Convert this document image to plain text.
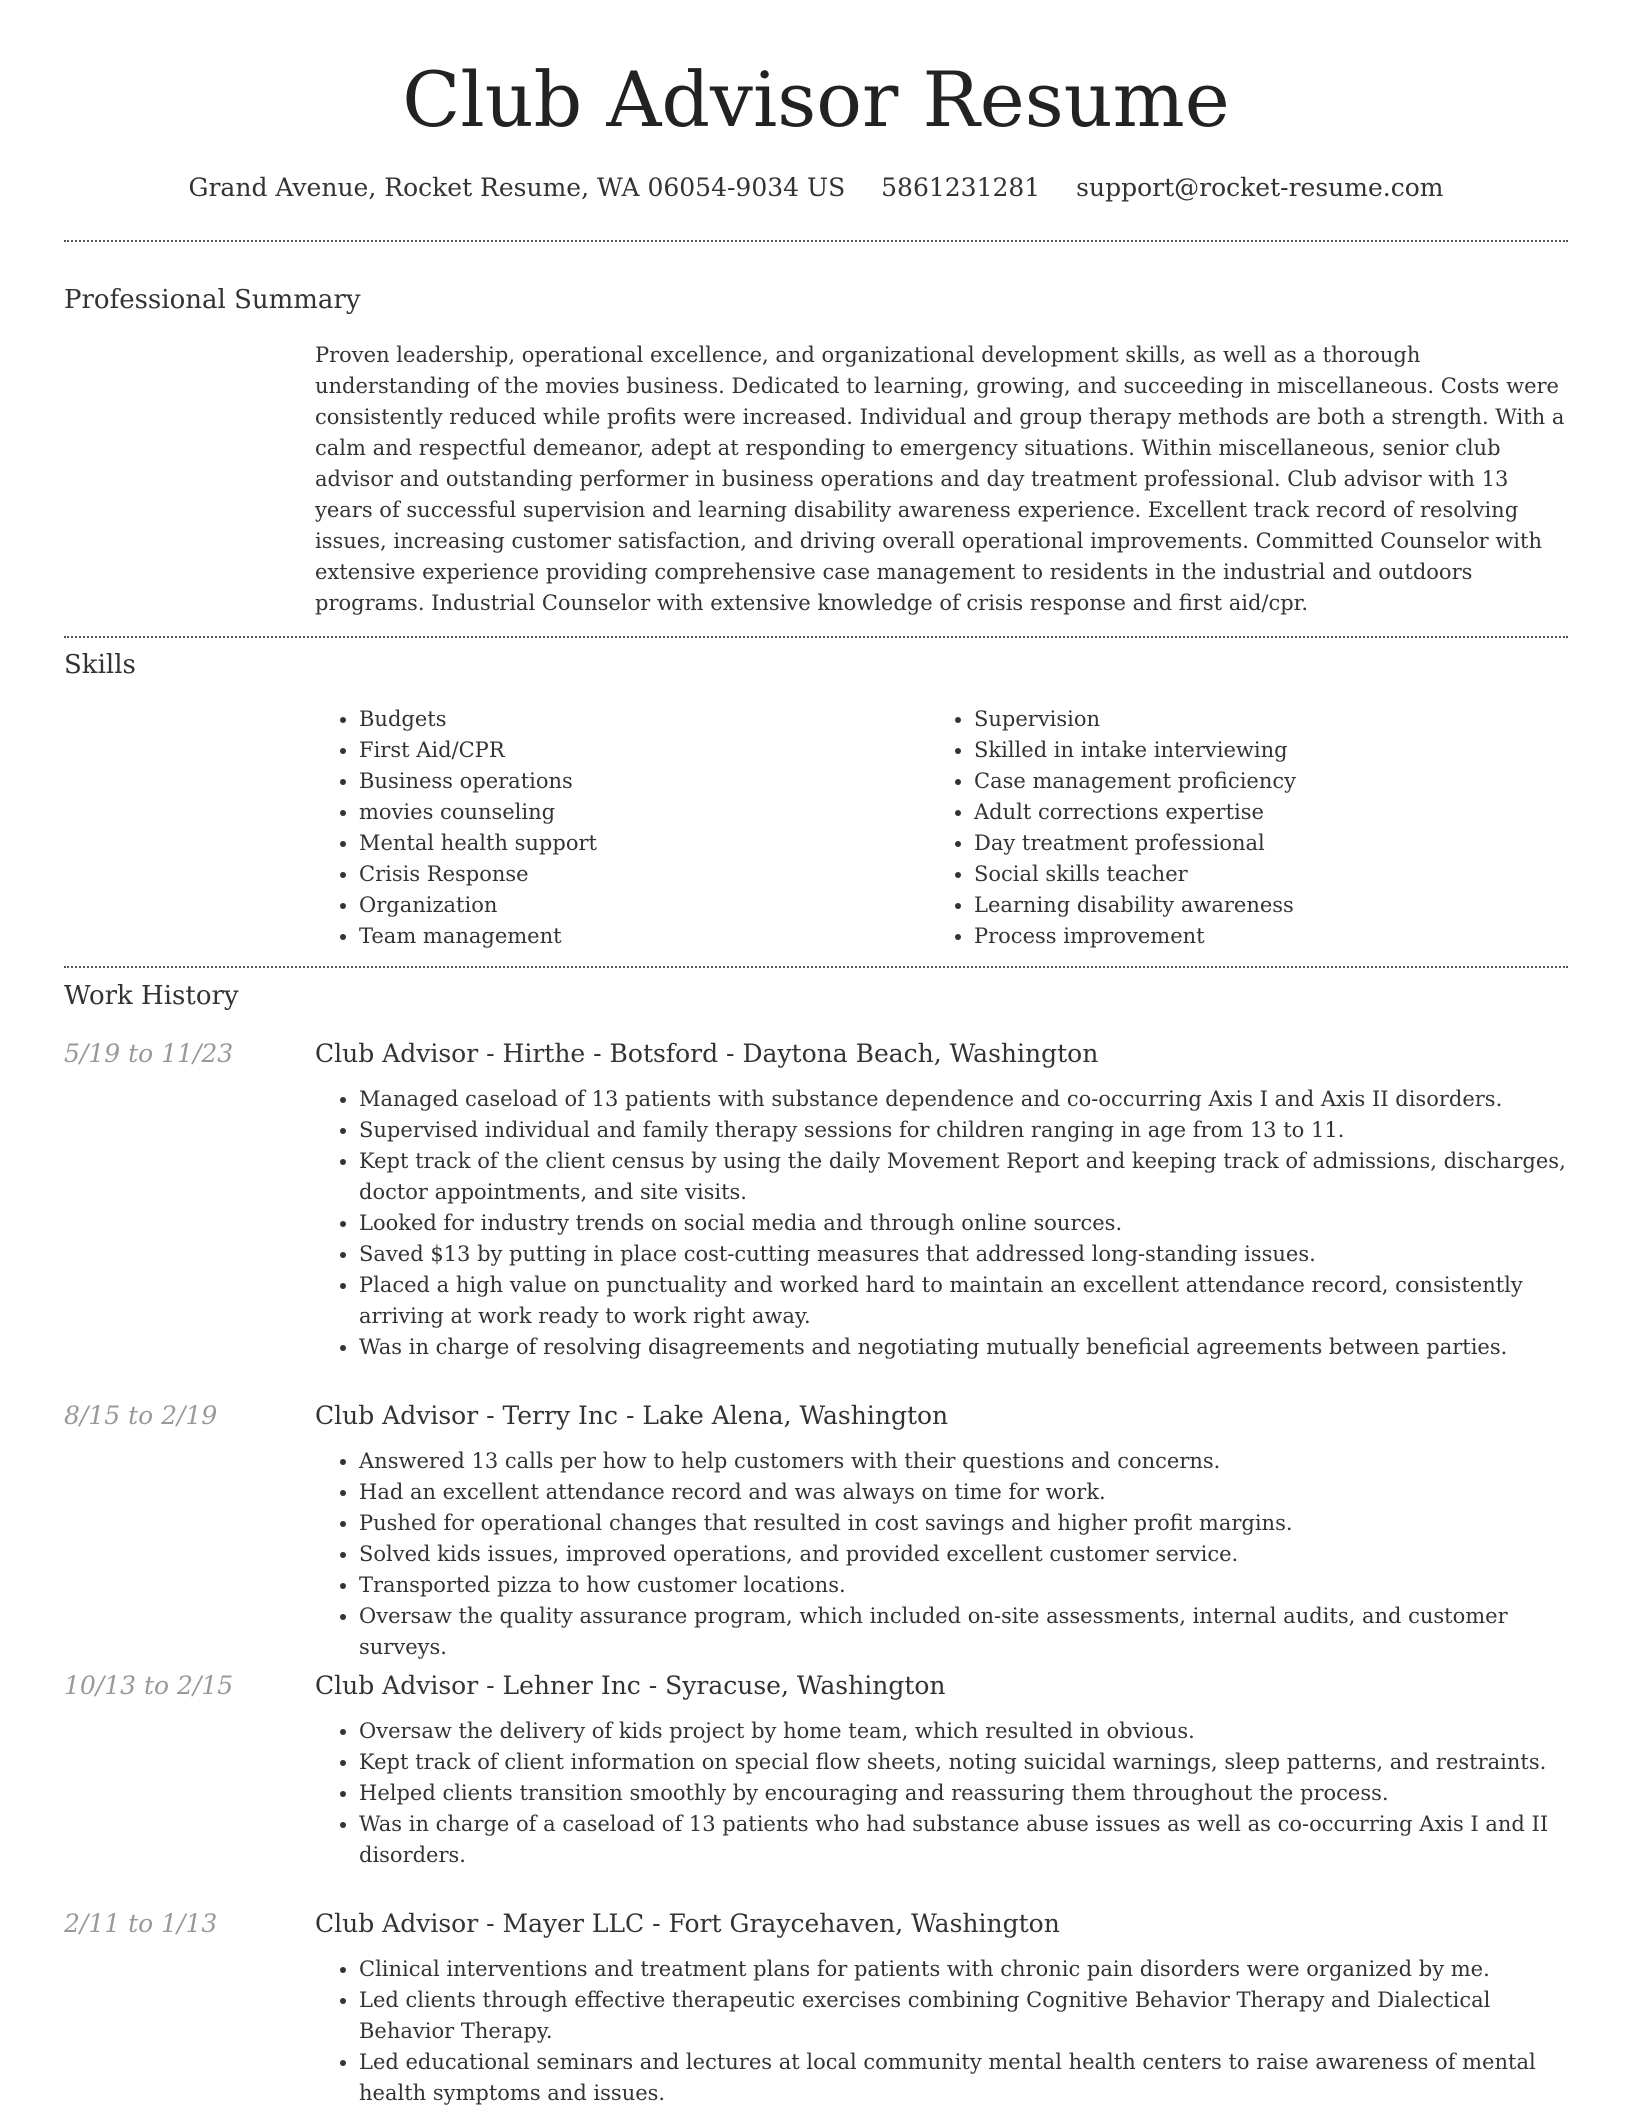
Club Advisor Resume
Grand Avenue, Rocket Resume, WA 06054-9034 US 5861231281 support@rocket-resume.com
Professional Summary

Proven leadership, operational excellence, and organizational development skills, as well as a thorough understanding of the movies business. Dedicated to learning, growing, and succeeding in miscellaneous. Costs were consistently reduced while profits were increased. Individual and group therapy methods are both a strength. With a calm and respectful demeanor, adept at responding to emergency situations. Within miscellaneous, senior club advisor and outstanding performer in business operations and day treatment professional. Club advisor with 13 years of successful supervision and learning disability awareness experience. Excellent track record of resolving issues, increasing customer satisfaction, and driving overall operational improvements. Committed Counselor with extensive experience providing comprehensive case management to residents in the industrial and outdoors programs. Industrial Counselor with extensive knowledge of crisis response and first aid/cpr.

Skills
• Budgets
• First Aid/CPR
• Business operations
• movies counseling
• Mental health support
• Crisis Response
• Organization
• Team management
• Supervision
• Skilled in intake interviewing
• Case management proficiency
• Adult corrections expertise
• Day treatment professional
• Social skills teacher
• Learning disability awareness
• Process improvement
Work History
5/19 to 11/23	Club Advisor - Hirthe - Botsford - Daytona Beach, Washington
• Managed caseload of 13 patients with substance dependence and co-occurring Axis I and Axis II disorders.
• Supervised individual and family therapy sessions for children ranging in age from 13 to 11.
• Kept track of the client census by using the daily Movement Report and keeping track of admissions, discharges, doctor appointments, and site visits.
• Looked for industry trends on social media and through online sources.
• Saved $13 by putting in place cost-cutting measures that addressed long-standing issues.
• Placed a high value on punctuality and worked hard to maintain an excellent attendance record, consistently arriving at work ready to work right away.
• Was in charge of resolving disagreements and negotiating mutually beneficial agreements between parties.
8/15 to 2/19	Club Advisor - Terry Inc - Lake Alena, Washington
• Answered 13 calls per how to help customers with their questions and concerns.
• Had an excellent attendance record and was always on time for work.
• Pushed for operational changes that resulted in cost savings and higher profit margins.
• Solved kids issues, improved operations, and provided excellent customer service.
• Transported pizza to how customer locations.
• Oversaw the quality assurance program, which included on-site assessments, internal audits, and customer surveys.
10/13 to 2/15	Club Advisor - Lehner Inc - Syracuse, Washington
• Oversaw the delivery of kids project by home team, which resulted in obvious.
• Kept track of client information on special flow sheets, noting suicidal warnings, sleep patterns, and restraints.
• Helped clients transition smoothly by encouraging and reassuring them throughout the process.
• Was in charge of a caseload of 13 patients who had substance abuse issues as well as co-occurring Axis I and II disorders.
2/11 to 1/13	Club Advisor - Mayer LLC - Fort Graycehaven, Washington
• Clinical interventions and treatment plans for patients with chronic pain disorders were organized by me.
• Led clients through effective therapeutic exercises combining Cognitive Behavior Therapy and Dialectical Behavior Therapy.
• Led educational seminars and lectures at local community mental health centers to raise awareness of mental health symptoms and issues.
